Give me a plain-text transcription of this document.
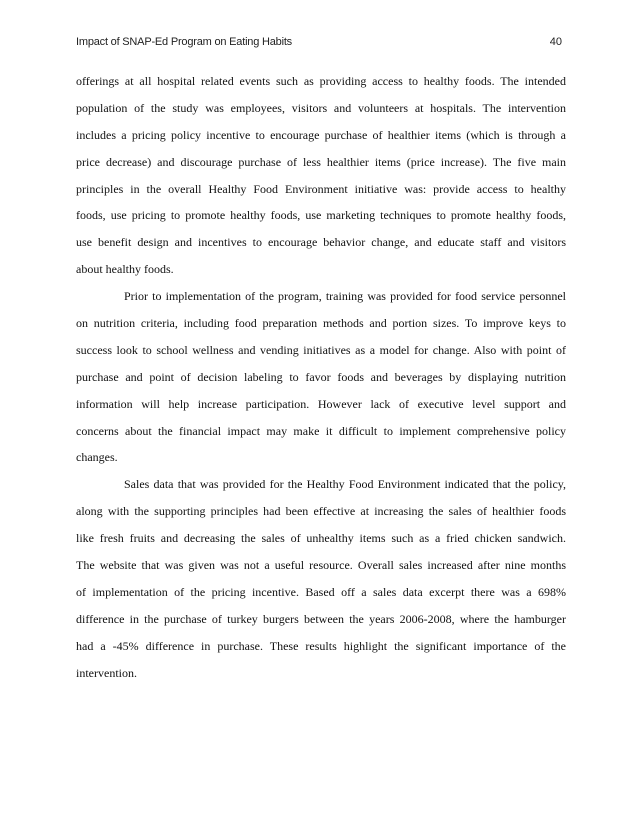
Impact of SNAP-Ed Program on Eating Habits	40
offerings at all hospital related events such as providing access to healthy foods. The intended
population of the study was employees, visitors and volunteers at hospitals. The intervention
includes a pricing policy incentive to encourage purchase of healthier items (which is through a
price decrease) and discourage purchase of less healthier items (price increase). The five main
principles in the overall Healthy Food Environment initiative was: provide access to healthy
foods, use pricing to promote healthy foods, use marketing techniques to promote healthy foods,
use benefit design and incentives to encourage behavior change, and educate staff and visitors
about healthy foods.
Prior to implementation of the program, training was provided for food service personnel
on nutrition criteria, including food preparation methods and portion sizes. To improve keys to
success look to school wellness and vending initiatives as a model for change. Also with point of
purchase and point of decision labeling to favor foods and beverages by displaying nutrition
information will help increase participation. However lack of executive level support and
concerns about the financial impact may make it difficult to implement comprehensive policy
changes.
Sales data that was provided for the Healthy Food Environment indicated that the policy,
along with the supporting principles had been effective at increasing the sales of healthier foods
like fresh fruits and decreasing the sales of unhealthy items such as a fried chicken sandwich.
The website that was given was not a useful resource. Overall sales increased after nine months
of implementation of the pricing incentive. Based off a sales data excerpt there was a 698%
difference in the purchase of turkey burgers between the years 2006-2008, where the hamburger
had a -45% difference in purchase. These results highlight the significant importance of the
intervention.
